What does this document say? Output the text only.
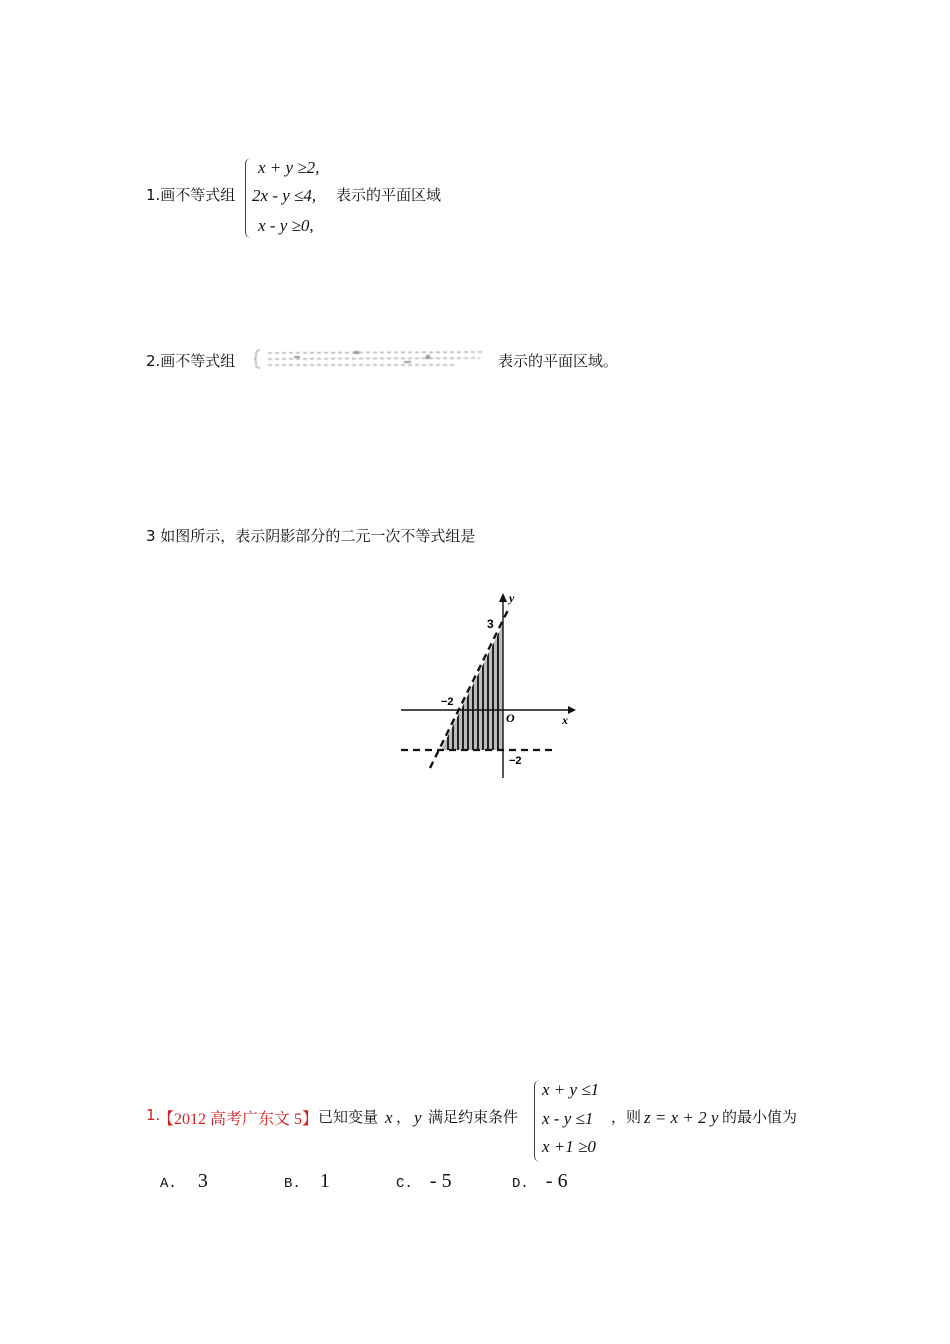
1.画不等式组
x + y ≥2,
2x - y ≤4,
x - y ≥0,
表示的平面区域
2.画不等式组	表示的平面区域。
3 如图所示，表示阴影部分的二元一次不等式组是
y
x
O
3
−2
−2
1.
【2012 高考广东文 5】 已知变量 x ， y 满足约束条件
x + y ≤1
x - y ≤1
x +1 ≥0
，则 z = x + 2 y 的最小值为
A. 3	B. 1	C. - 5	D. - 6
